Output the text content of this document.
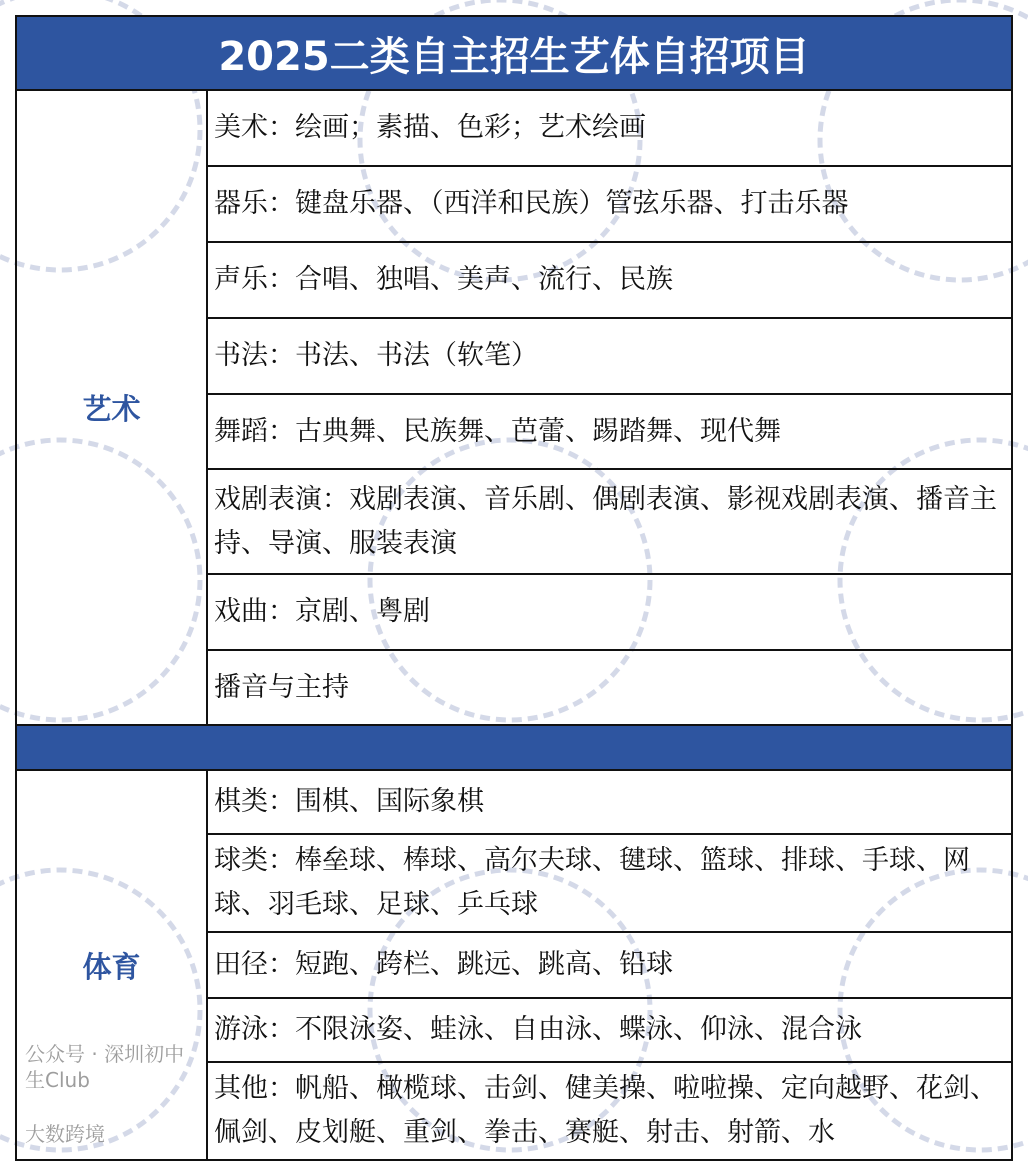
2025二类自主招生艺体自招项目
艺术
美术：绘画；素描、色彩；艺术绘画
器乐：键盘乐器、（西洋和民族）管弦乐器、打击乐器
声乐：合唱、独唱、美声、流行、民族
书法：书法、书法（软笔）
舞蹈：古典舞、民族舞、芭蕾、踢踏舞、现代舞
戏剧表演：戏剧表演、音乐剧、偶剧表演、影视戏剧表演、播音主持、导演、服装表演
戏曲：京剧、粤剧
播音与主持
体育
公众号 · 深圳初中生Club
大数跨境
棋类：围棋、国际象棋
球类：棒垒球、棒球、高尔夫球、毽球、篮球、排球、手球、网球、羽毛球、足球、乒乓球
田径：短跑、跨栏、跳远、跳高、铅球
游泳：不限泳姿、蛙泳、自由泳、蝶泳、仰泳、混合泳
其他：帆船、橄榄球、击剑、健美操、啦啦操、定向越野、花剑、佩剑、皮划艇、重剑、拳击、赛艇、射击、射箭、水
